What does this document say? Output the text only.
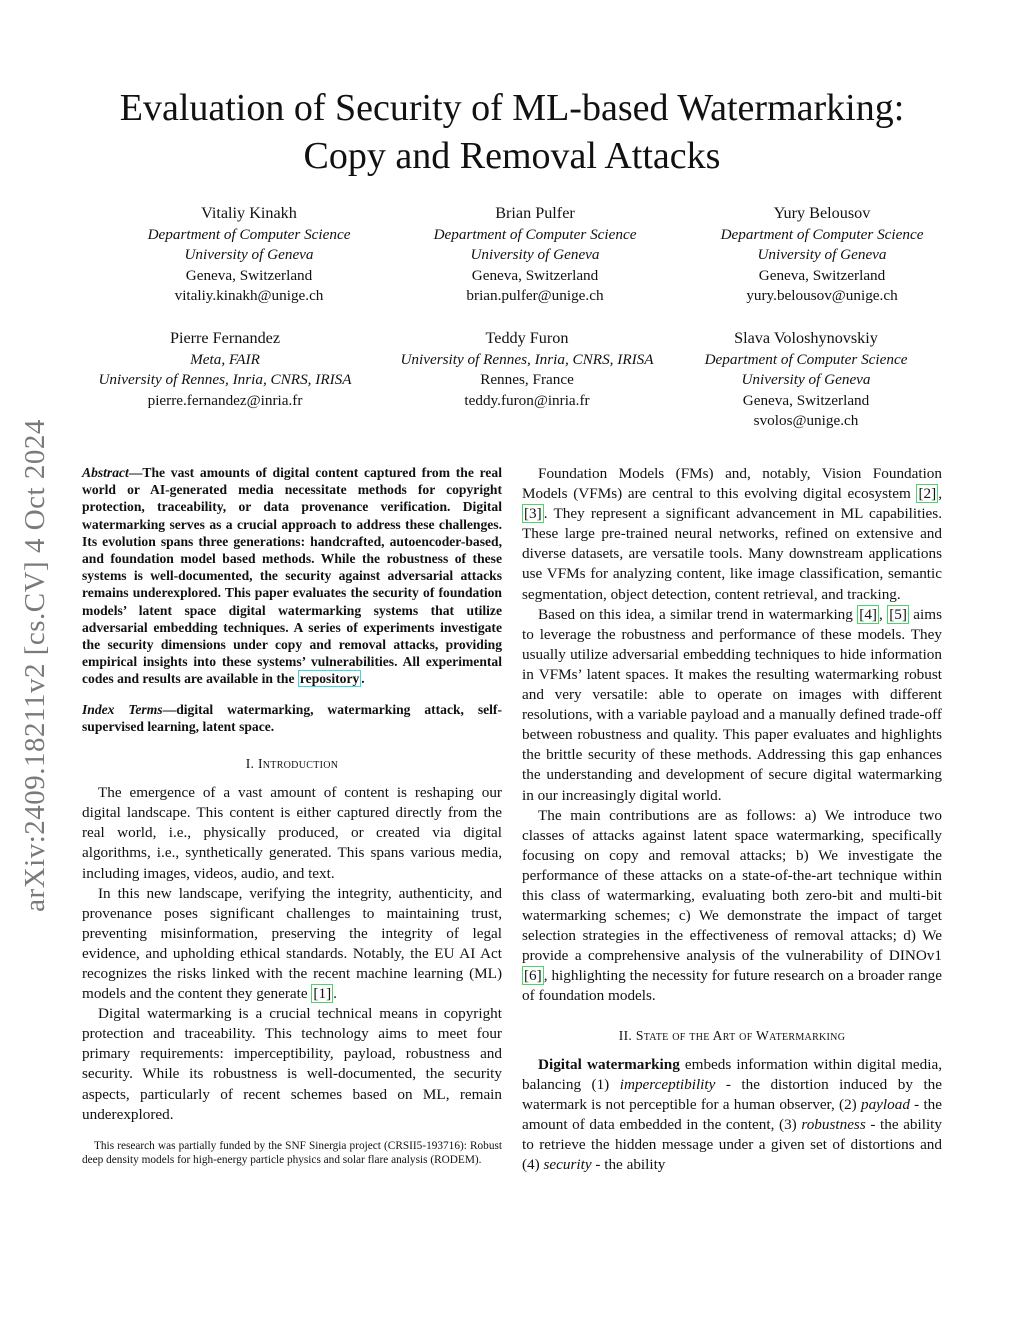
arXiv:2409.18211v2 [cs.CV] 4 Oct 2024
Evaluation of Security of ML-based Watermarking:
Copy and Removal Attacks
Vitaliy Kinakh
Department of Computer Science
University of Geneva
Geneva, Switzerland
vitaliy.kinakh@unige.ch
Brian Pulfer
Department of Computer Science
University of Geneva
Geneva, Switzerland
brian.pulfer@unige.ch
Yury Belousov
Department of Computer Science
University of Geneva
Geneva, Switzerland
yury.belousov@unige.ch
Pierre Fernandez
Meta, FAIR
University of Rennes, Inria, CNRS, IRISA
pierre.fernandez@inria.fr
Teddy Furon
University of Rennes, Inria, CNRS, IRISA
Rennes, France
teddy.furon@inria.fr
Slava Voloshynovskiy
Department of Computer Science
University of Geneva
Geneva, Switzerland
svolos@unige.ch

Abstract—The vast amounts of digital content captured from the real world or AI-generated media necessitate methods for copyright protection, traceability, or data provenance verification. Digital watermarking serves as a crucial approach to address these challenges. Its evolution spans three generations: handcrafted, autoencoder-based, and foundation model based methods. While the robustness of these systems is well-documented, the security against adversarial attacks remains underexplored. This paper evaluates the security of foundation models’ latent space digital watermarking systems that utilize adversarial embedding techniques. A series of experiments investigate the security dimensions under copy and removal attacks, providing empirical insights into these systems’ vulnerabilities. All experimental codes and results are available in the repository .

Index Terms—digital watermarking, watermarking attack, self-supervised learning, latent space.

I. Introduction

The emergence of a vast amount of content is reshaping our digital landscape. This content is either captured directly from the real world, i.e., physically produced, or created via digital algorithms, i.e., synthetically generated. This spans various media, including images, videos, audio, and text.

In this new landscape, verifying the integrity, authenticity, and provenance poses significant challenges to maintaining trust, preventing misinformation, preserving the integrity of legal evidence, and upholding ethical standards. Notably, the EU AI Act recognizes the risks linked with the recent machine learning (ML) models and the content they generate [1] .

Digital watermarking is a crucial technical means in copyright protection and traceability. This technology aims to meet four primary requirements: imperceptibility, payload, robustness and security. While its robustness is well-documented, the security aspects, particularly of recent schemes based on ML, remain underexplored.

This research was partially funded by the SNF Sinergia project (CRSII5-193716): Robust deep density models for high-energy particle physics and solar flare analysis (RODEM).

Foundation Models (FMs) and, notably, Vision Foundation Models (VFMs) are central to this evolving digital ecosystem [2] , [3] . They represent a significant advancement in ML capabilities. These large pre-trained neural networks, refined on extensive and diverse datasets, are versatile tools. Many downstream applications use VFMs for analyzing content, like image classification, semantic segmentation, object detection, content retrieval, and tracking.

Based on this idea, a similar trend in watermarking [4] , [5] aims to leverage the robustness and performance of these models. They usually utilize adversarial embedding techniques to hide information in VFMs’ latent spaces. It makes the resulting watermarking robust and very versatile: able to operate on images with different resolutions, with a variable payload and a manually defined trade-off between robustness and quality. This paper evaluates and highlights the brittle security of these methods. Addressing this gap enhances the understanding and development of secure digital watermarking in our increasingly digital world.

The main contributions are as follows: a) We introduce two classes of attacks against latent space watermarking, specifically focusing on copy and removal attacks; b) We investigate the performance of these attacks on a state-of-the-art technique within this class of watermarking, evaluating both zero-bit and multi-bit watermarking schemes; c) We demonstrate the impact of target selection strategies in the effectiveness of removal attacks; d) We provide a comprehensive analysis of the vulnerability of DINOv1 [6] , highlighting the necessity for future research on a broader range of foundation models.

II. State of the Art of Watermarking

Digital watermarking embeds information within digital media, balancing (1) imperceptibility - the distortion induced by the watermark is not perceptible for a human observer, (2) payload - the amount of data embedded in the content, (3) robustness - the ability to retrieve the hidden message under a given set of distortions and (4) security - the ability
